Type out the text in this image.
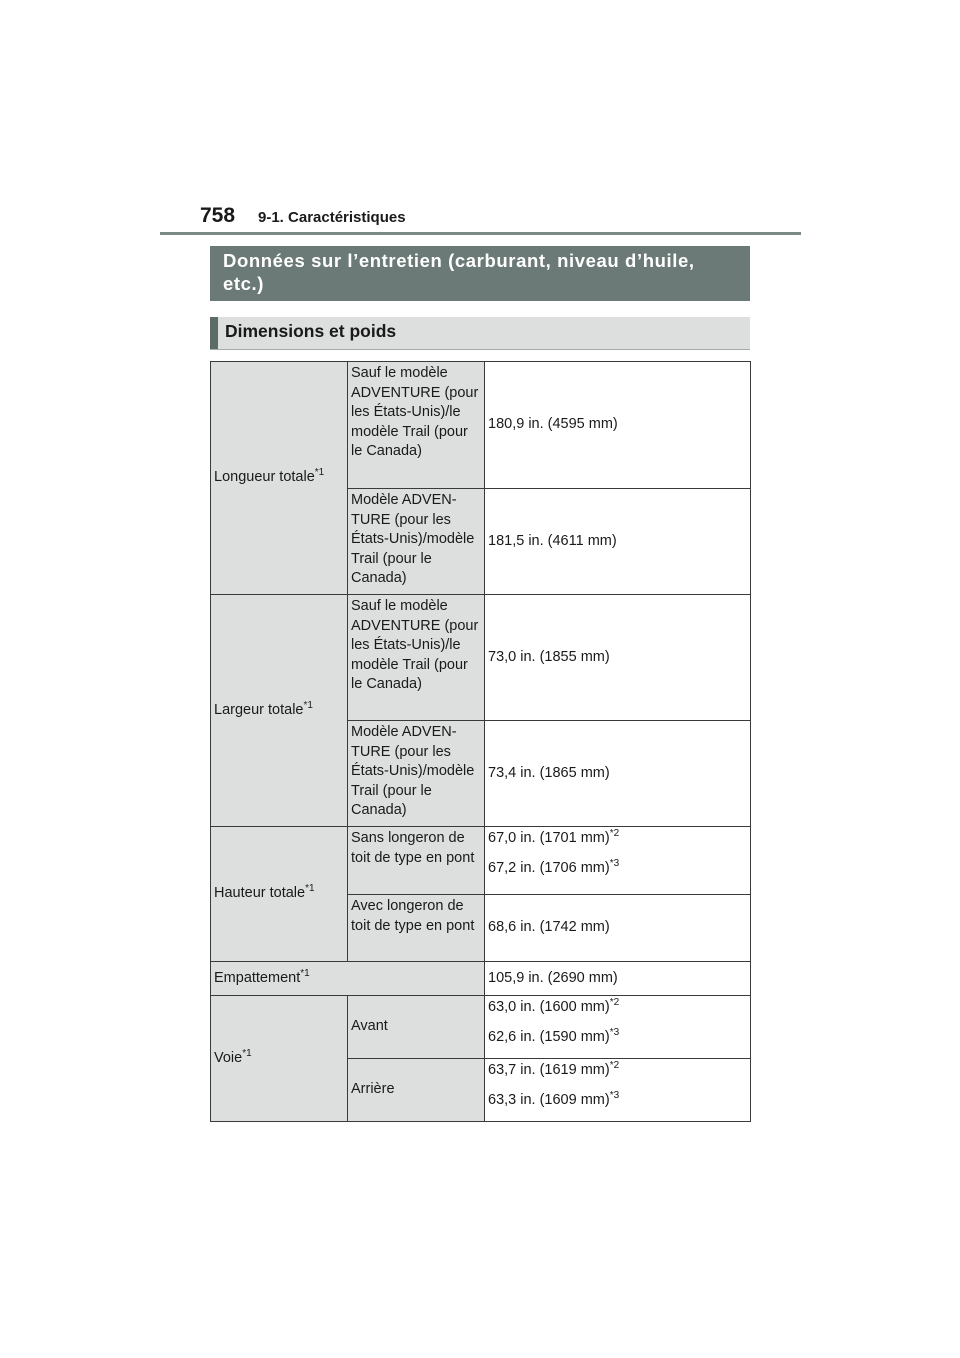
758 9-1. Caractéristiques
Données sur l’entretien (carburant, niveau d’huile, etc.)
Dimensions et poids
Longueur totale$^{*1}$	Sauf le modèle ADVENTURE (pour les États-Unis)/le modèle Trail (pour le Canada)	180,9 in. (4595 mm)
	Modèle ADVEN-TURE (pour les États-Unis)/modèle Trail (pour le Canada)	181,5 in. (4611 mm)
Largeur totale$^{*1}$	Sauf le modèle ADVENTURE (pour les États-Unis)/le modèle Trail (pour le Canada)	73,0 in. (1855 mm)
	Modèle ADVEN-TURE (pour les États-Unis)/modèle Trail (pour le Canada)	73,4 in. (1865 mm)
Hauteur totale$^{*1}$	Sans longeron de toit de type en pont	67,0 in. (1701 mm)$^{*2}$

67,2 in. (1706 mm)$^{*3}$

	Avec longeron de toit de type en pont	68,6 in. (1742 mm)
Empattement$^{*1}$		105,9 in. (2690 mm)
Voie$^{*1}$	Avant	63,0 in. (1600 mm)$^{*2}$

62,6 in. (1590 mm)$^{*3}$

	Arrière	63,7 in. (1619 mm)$^{*2}$

63,3 in. (1609 mm)$^{*3}$
